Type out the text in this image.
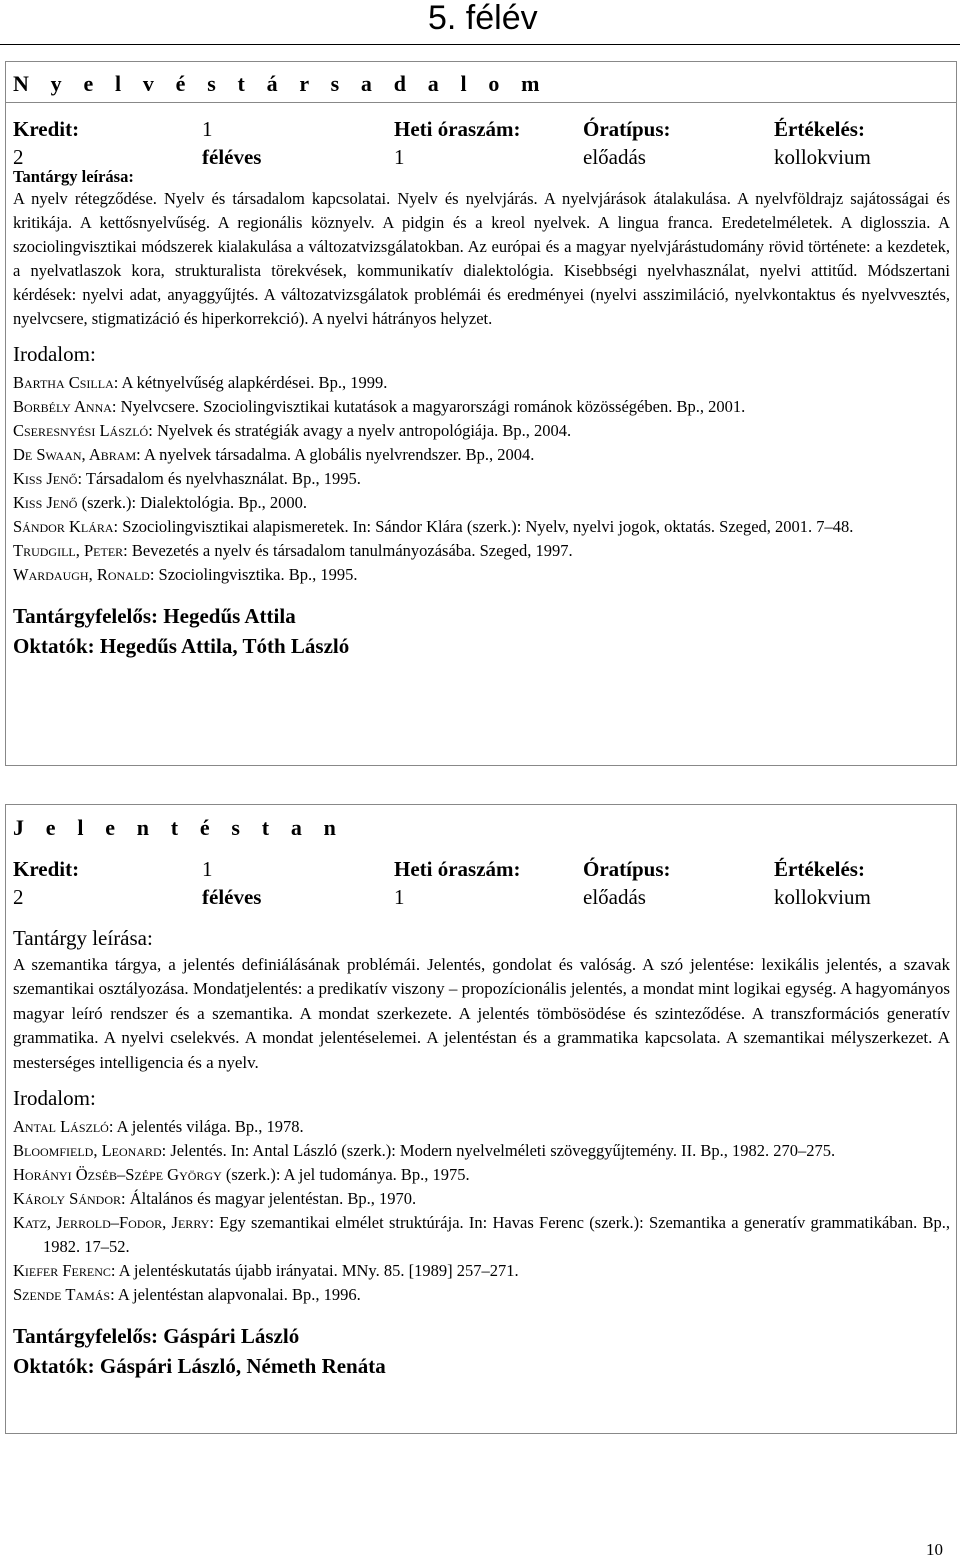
5. félév
N y e l v é s t á r s a d a l o m
Kredit:
2
1
féléves
Heti óraszám:
1
Óratípus:
előadás
Értékelés:
kollokvium
Tantárgy leírása:
A nyelv rétegződése. Nyelv és társadalom kapcsolatai. Nyelv és nyelvjárás. A nyelvjárások átalakulása. A nyelvföldrajz sajátosságai és kritikája. A kettősnyelvűség. A regionális köznyelv. A pidgin és a kreol nyelvek. A lingua franca. Eredetelméletek. A diglosszia. A szociolingvisztikai módszerek kialakulása a változatvizsgálatokban. Az európai és a magyar nyelvjárástudomány rövid története: a kezdetek, a nyelvatlaszok kora, strukturalista törekvések, kommunikatív dialektológia. Kisebbségi nyelvhasználat, nyelvi attitűd. Módszertani kérdések: nyelvi adat, anyaggyűjtés. A változatvizsgálatok problémái és eredményei (nyelvi asszimiláció, nyelvkontaktus és nyelvvesztés, nyelvcsere, stigmatizáció és hiperkorrekció). A nyelvi hátrányos helyzet.
Irodalom:
Bartha Csilla: A kétnyelvűség alapkérdései. Bp., 1999.
Borbély Anna: Nyelvcsere. Szociolingvisztikai kutatások a magyarországi románok közösségében. Bp., 2001.
Cseresnyési László: Nyelvek és stratégiák avagy a nyelv antropológiája. Bp., 2004.
De Swaan, Abram: A nyelvek társadalma. A globális nyelvrendszer. Bp., 2004.
Kiss Jenő: Társadalom és nyelvhasználat. Bp., 1995.
Kiss Jenő (szerk.): Dialektológia. Bp., 2000.
Sándor Klára: Szociolingvisztikai alapismeretek. In: Sándor Klára (szerk.): Nyelv, nyelvi jogok, oktatás. Szeged, 2001. 7–48.
Trudgill, Peter: Bevezetés a nyelv és társadalom tanulmányozásába. Szeged, 1997.
Wardaugh, Ronald: Szociolingvisztika. Bp., 1995.
Tantárgyfelelős: Hegedűs Attila
Oktatók: Hegedűs Attila, Tóth László
J e l e n t é s t a n
Kredit:
2
1
féléves
Heti óraszám:
1
Óratípus:
előadás
Értékelés:
kollokvium
Tantárgy leírása:
A szemantika tárgya, a jelentés definiálásának problémái. Jelentés, gondolat és valóság. A szó jelentése: lexikális jelentés, a szavak szemantikai osztályozása. Mondatjelentés: a predikatív viszony – propozícionális jelentés, a mondat mint logikai egység. A hagyományos magyar leíró rendszer és a szemantika. A mondat szerkezete. A jelentés tömbösödése és szinteződése. A transzformációs generatív grammatika. A nyelvi cselekvés. A mondat jelentéselemei. A jelentéstan és a grammatika kapcsolata. A szemantikai mélyszerkezet. A mesterséges intelligencia és a nyelv.
Irodalom:
Antal László: A jelentés világa. Bp., 1978.
Bloomfield, Leonard: Jelentés. In: Antal László (szerk.): Modern nyelvelméleti szöveggyűjtemény. II. Bp., 1982. 270–275.
Horányi Özséb–Szépe György (szerk.): A jel tudománya. Bp., 1975.
Károly Sándor: Általános és magyar jelentéstan. Bp., 1970.
Katz, Jerrold–Fodor, Jerry: Egy szemantikai elmélet struktúrája. In: Havas Ferenc (szerk.): Szemantika a generatív grammatikában. Bp., 1982. 17–52.
Kiefer Ferenc: A jelentéskutatás újabb irányatai. MNy. 85. [1989] 257–271.
Szende Tamás: A jelentéstan alapvonalai. Bp., 1996.
Tantárgyfelelős: Gáspári László
Oktatók: Gáspári László, Németh Renáta
10
